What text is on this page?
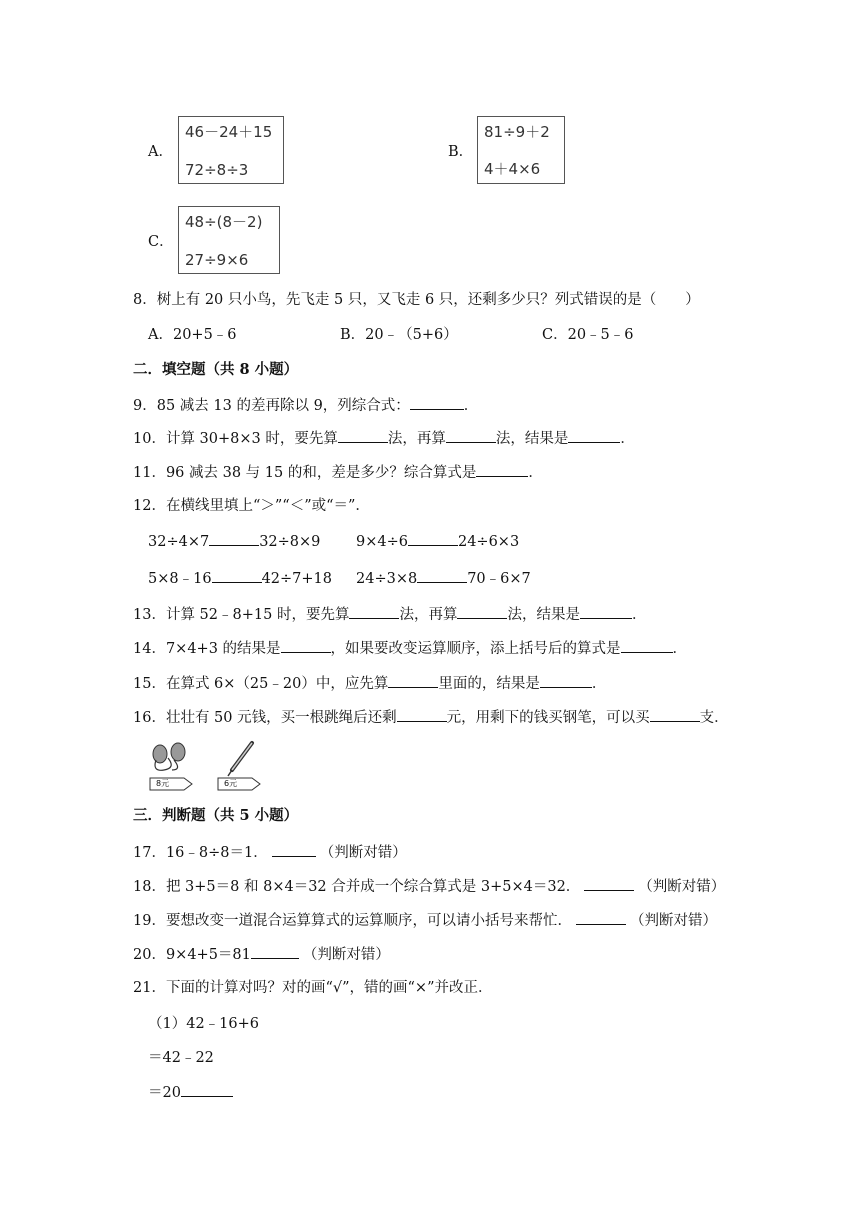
A．
46－24＋15
72÷8÷3
B．
81÷9＋2
4＋4×6
C．
48÷(8－2)
27÷9×6
8．树上有 20 只小鸟，先飞走 5 只，又飞走 6 只，还剩多少只？列式错误的是（　　）
A．20+5﹣6	B．20﹣（5+6）	C．20﹣5﹣6
二．填空题（共 8 小题）
9．85 减去 13 的差再除以 9，列综合式：	．
10．计算 30+8×3 时，要先算	法，再算	法，结果是	．
11．96 减去 38 与 15 的和，差是多少？综合算式是	．
12．在横线里填上“＞”“＜”或“＝”．
32÷4×7	32÷8×9 9×4÷6	24÷6×3
5×8﹣16	42÷7+18 24÷3×8	70﹣6×7
13．计算 52﹣8+15 时，要先算	法，再算	法，结果是	．
14．7×4+3 的结果是	，如果要改变运算顺序，添上括号后的算式是	．
15．在算式 6×（25﹣20）中，应先算	里面的，结果是	．
16．壮壮有 50 元钱，买一根跳绳后还剩	元，用剩下的钱买钢笔，可以买	支．
8元	6元
三．判断题（共 5 小题）
17．16﹣8÷8＝1．	（判断对错）
18．把 3+5＝8 和 8×4＝32 合并成一个综合算式是 3+5×4＝32．	（判断对错）
19．要想改变一道混合运算算式的运算顺序，可以请小括号来帮忙．	（判断对错）
20．9×4+5＝81	（判断对错）
21．下面的计算对吗？对的画“√”，错的画“×”并改正．
（1）42﹣16+6
＝42﹣22
＝20
